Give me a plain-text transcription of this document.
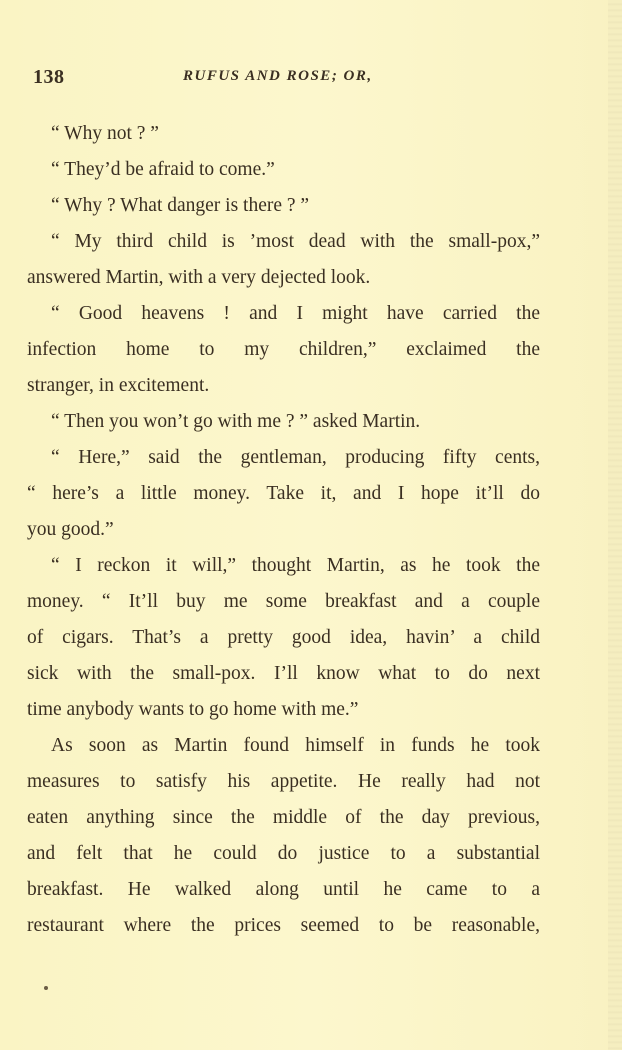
138	RUFUS AND ROSE; OR,
“ Why not ? ”
“ They’d be afraid to come.”
“ Why ? What danger is there ? ”
“ My third child is ’most dead with the small-pox,”
answered Martin, with a very dejected look.
“ Good heavens ! and I might have carried the
infection home to my children,” exclaimed the
stranger, in excitement.
“ Then you won’t go with me ? ” asked Martin.
“ Here,” said the gentleman, producing fifty cents,
“ here’s a little money. Take it, and I hope it’ll do
you good.”
“ I reckon it will,” thought Martin, as he took the
money. “ It’ll buy me some breakfast and a couple
of cigars. That’s a pretty good idea, havin’ a child
sick with the small-pox. I’ll know what to do next
time anybody wants to go home with me.”
As soon as Martin found himself in funds he took
measures to satisfy his appetite. He really had not
eaten anything since the middle of the day previous,
and felt that he could do justice to a substantial
breakfast. He walked along until he came to a
restaurant where the prices seemed to be reasonable,
